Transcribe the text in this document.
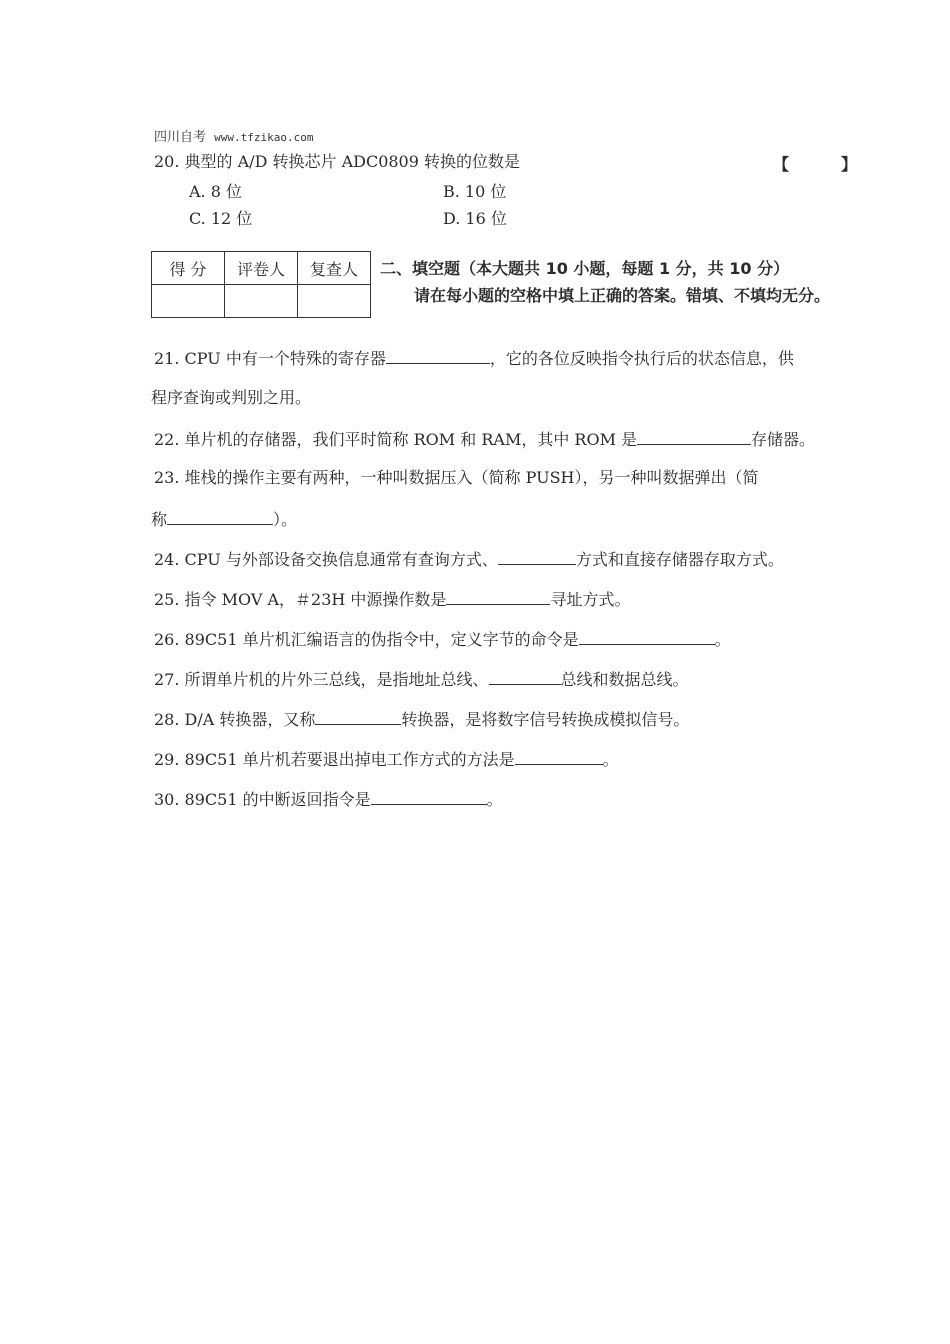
四川自考 www.tfzikao.com
20. 典型的 A/D 转换芯片 ADC0809 转换的位数是	【	】
A. 8 位	B. 10 位
C. 12 位	D. 16 位
得 分	评卷人	复查人
		二、填空题（本大题共 10 小题，每题 1 分，共 10 分）
请在每小题的空格中填上正确的答案。错填、不填均无分。
21. CPU 中有一个特殊的寄存器	，它的各位反映指令执行后的状态信息，供
程序查询或判别之用。
22. 单片机的存储器，我们平时简称 ROM 和 RAM，其中 ROM 是	存储器。
23. 堆栈的操作主要有两种，一种叫数据压入（简称 PUSH），另一种叫数据弹出（简
称	）。
24. CPU 与外部设备交换信息通常有查询方式、	方式和直接存储器存取方式。
25. 指令 MOV A，＃23H 中源操作数是	寻址方式。
26. 89C51 单片机汇编语言的伪指令中，定义字节的命令是	。
27. 所谓单片机的片外三总线，是指地址总线、	总线和数据总线。
28. D/A 转换器，又称	转换器，是将数字信号转换成模拟信号。
29. 89C51 单片机若要退出掉电工作方式的方法是	。
30. 89C51 的中断返回指令是	。
